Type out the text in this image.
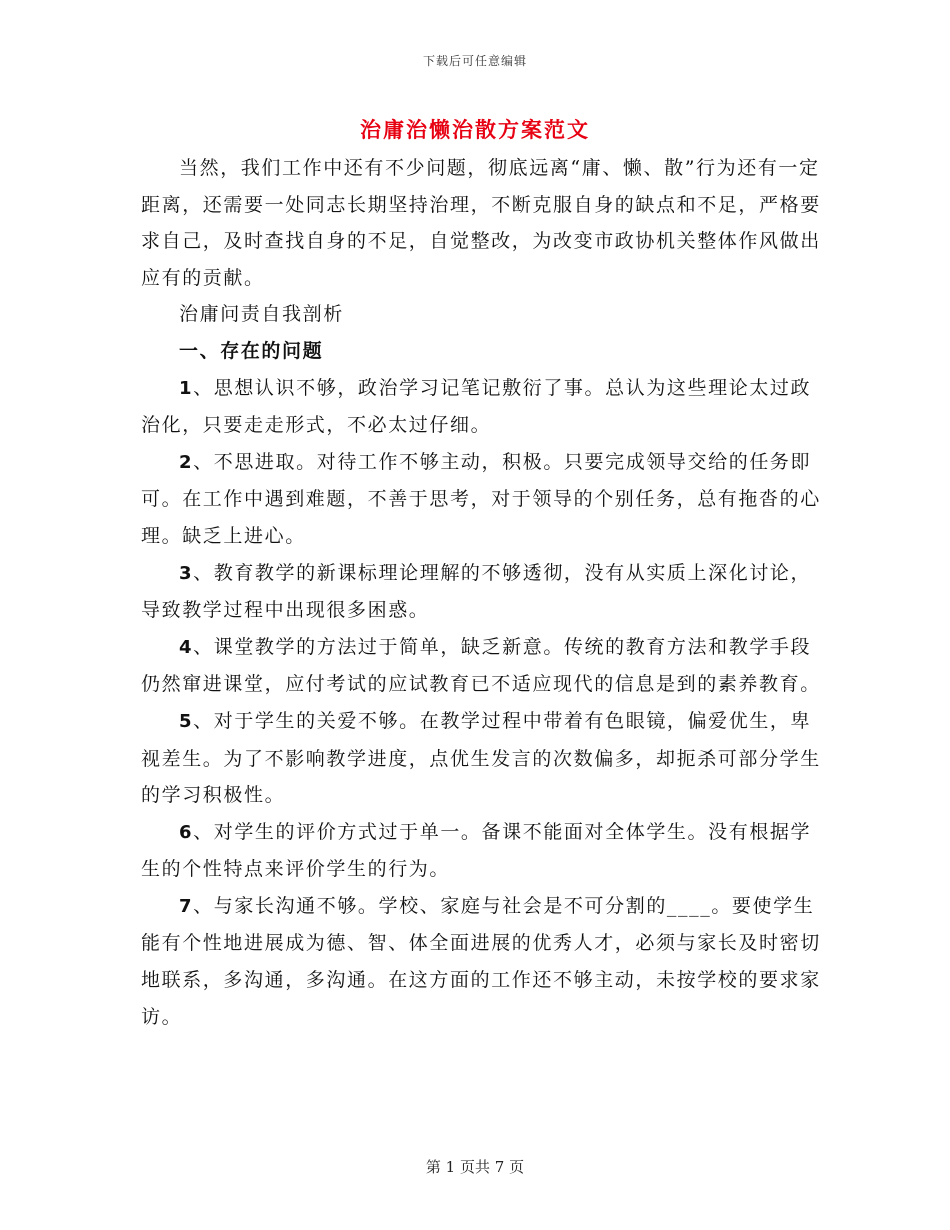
下载后可任意编辑
治庸治懒治散方案范文

当然，我们工作中还有不少问题，彻底远离“庸、懒、散”行为还有一定距离，还需要一处同志长期坚持治理，不断克服自身的缺点和不足，严格要求自己，及时查找自身的不足，自觉整改，为改变市政协机关整体作风做出应有的贡献。

治庸问责自我剖析

一、存在的问题

1、思想认识不够，政治学习记笔记敷衍了事。总认为这些理论太过政治化，只要走走形式，不必太过仔细。

2、不思进取。对待工作不够主动，积极。只要完成领导交给的任务即可。在工作中遇到难题，不善于思考，对于领导的个别任务，总有拖沓的心理。缺乏上进心。

3、教育教学的新课标理论理解的不够透彻，没有从实质上深化讨论，导致教学过程中出现很多困惑。

4、课堂教学的方法过于简单，缺乏新意。传统的教育方法和教学手段仍然窜进课堂，应付考试的应试教育已不适应现代的信息是到的素养教育。

5、对于学生的关爱不够。在教学过程中带着有色眼镜，偏爱优生，卑视差生。为了不影响教学进度，点优生发言的次数偏多，却扼杀可部分学生的学习积极性。

6、对学生的评价方式过于单一。备课不能面对全体学生。没有根据学生的个性特点来评价学生的行为。

7、与家长沟通不够。学校、家庭与社会是不可分割的____。要使学生能有个性地进展成为德、智、体全面进展的优秀人才，必须与家长及时密切地联系，多沟通，多沟通。在这方面的工作还不够主动，未按学校的要求家访。

第 1 页共 7 页
